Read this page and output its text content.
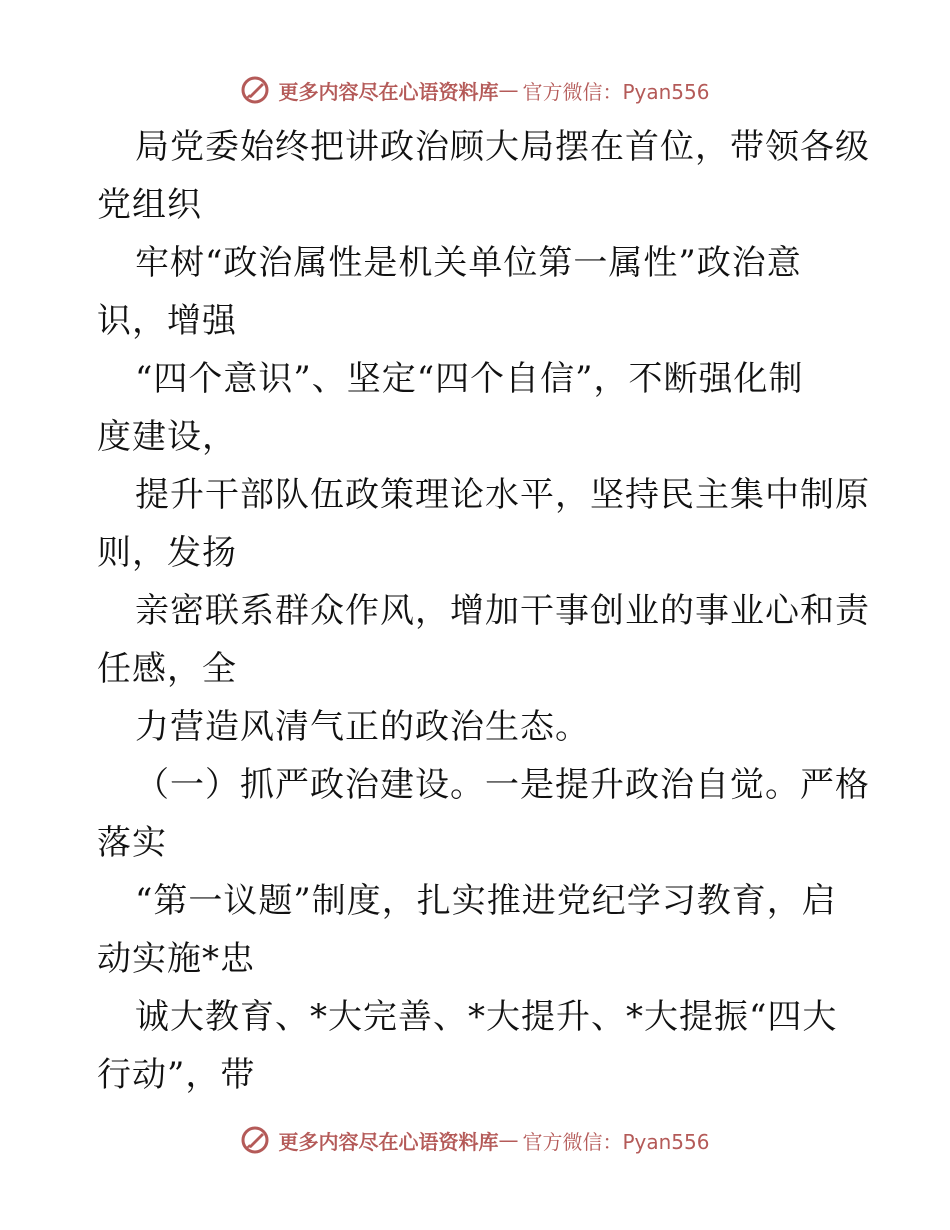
更多内容尽在心语资料库 — 官方微信：Pyan556
局党委始终把讲政治顾大局摆在首位，带领各级
党组织
牢树“政治属性是机关单位第一属性”政治意
识，增强
“四个意识”、坚定“四个自信”，不断强化制
度建设，
提升干部队伍政策理论水平，坚持民主集中制原
则，发扬
亲密联系群众作风，增加干事创业的事业心和责
任感，全
力营造风清气正的政治生态。
（一）抓严政治建设。一是提升政治自觉。严格
落实
“第一议题”制度，扎实推进党纪学习教育，启
动实施*忠
诚大教育、*大完善、*大提升、*大提振“四大
行动”，带
更多内容尽在心语资料库 — 官方微信：Pyan556
